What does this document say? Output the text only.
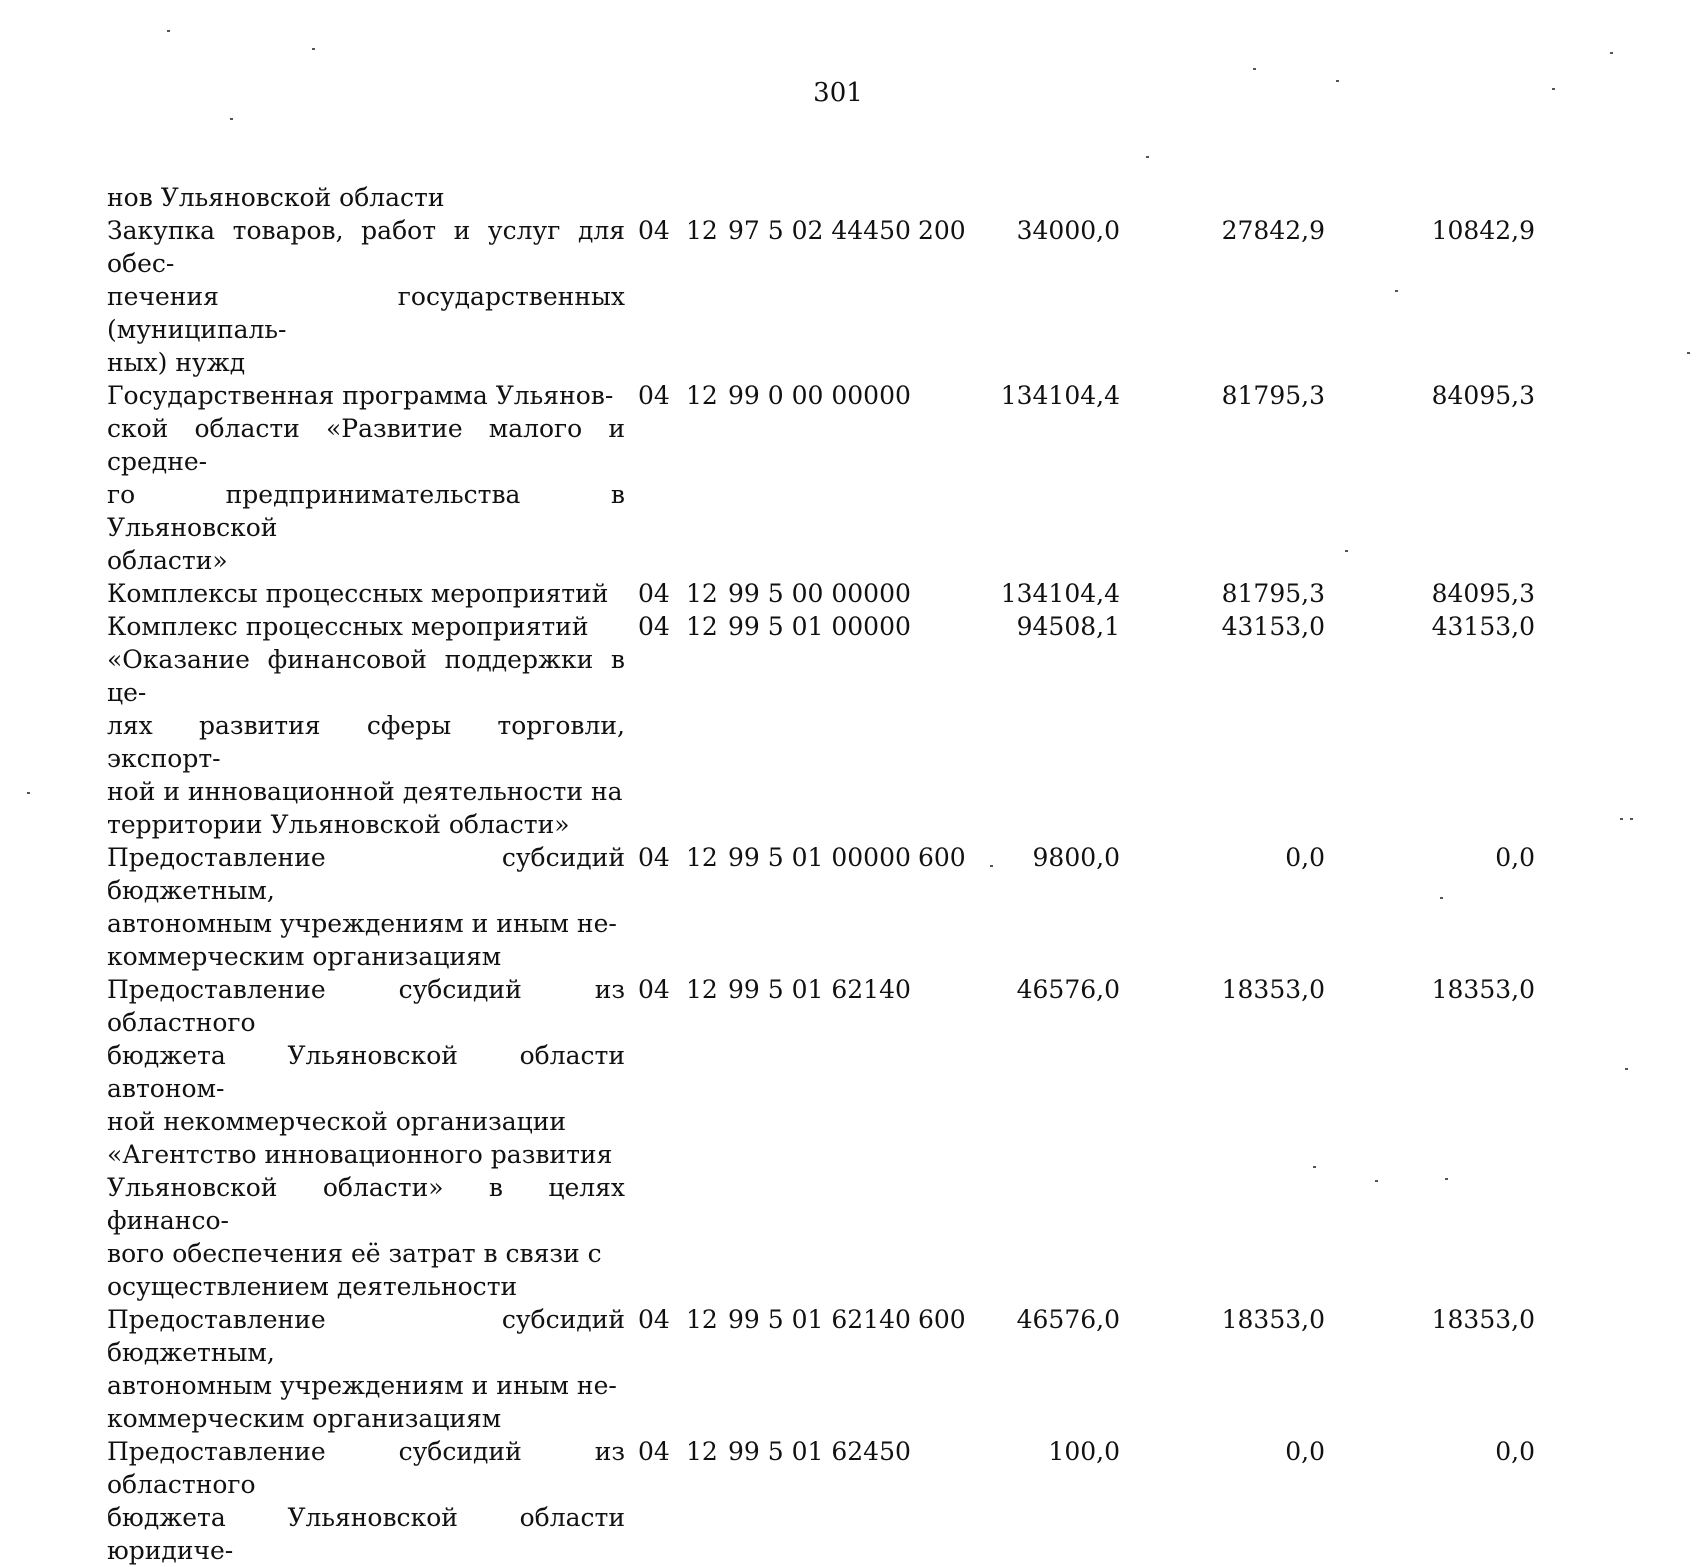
301
нов Ульяновской области
Закупка товаров, работ и услуг для обес-
печения государственных (муниципаль-
ных) нужд
04 12 97 5 02 44450 200	34000,0	27842,9	10842,9
Государственная программа Ульянов-
ской области «Развитие малого и средне-
го предпринимательства в Ульяновской
области»
04 12 99 0 00 00000	134104,4	81795,3	84095,3
Комплексы процессных мероприятий	04 12 99 5 00 00000	134104,4	81795,3	84095,3
Комплекс процессных мероприятий
«Оказание финансовой поддержки в це-
лях развития сферы торговли, экспорт-
ной и инновационной деятельности на
территории Ульяновской области»
04 12 99 5 01 00000	94508,1	43153,0	43153,0
Предоставление субсидий бюджетным,
автономным учреждениям и иным не-
коммерческим организациям
04 12 99 5 01 00000 600	9800,0	0,0	0,0
Предоставление субсидий из областного
бюджета Ульяновской области автоном-
ной некоммерческой организации
«Агентство инновационного развития
Ульяновской области» в целях финансо-
вого обеспечения её затрат в связи с
осуществлением деятельности
04 12 99 5 01 62140	46576,0	18353,0	18353,0
Предоставление субсидий бюджетным,
автономным учреждениям и иным не-
коммерческим организациям
04 12 99 5 01 62140 600	46576,0	18353,0	18353,0
Предоставление субсидий из областного
бюджета Ульяновской области юридиче-
04 12 99 5 01 62450	100,0	0,0	0,0
